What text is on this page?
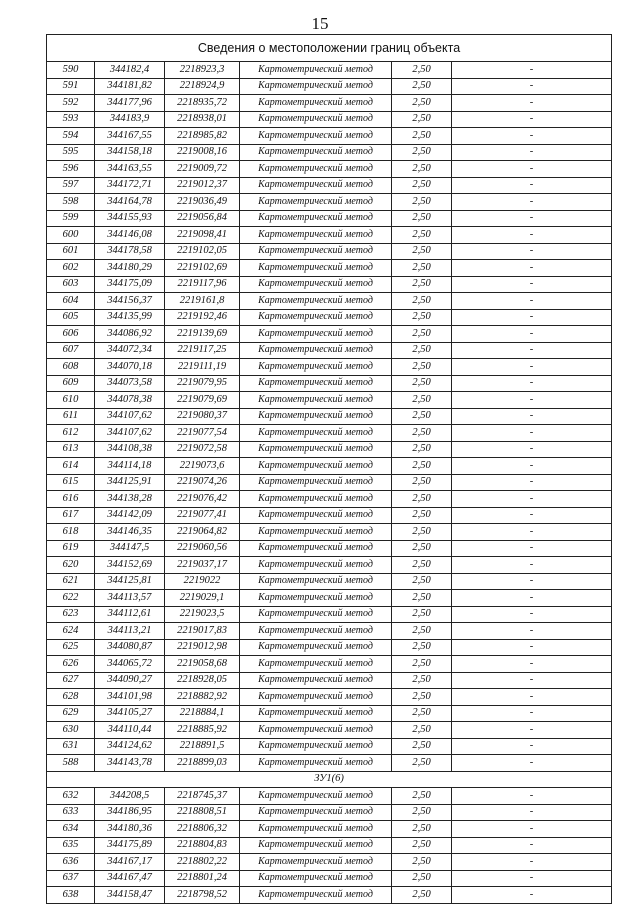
15
Сведения о местоположении границ объекта					
590	344182,4	2218923,3	Картометрический метод	2,50	-
591	344181,82	2218924,9	Картометрический метод	2,50	-
592	344177,96	2218935,72	Картометрический метод	2,50	-
593	344183,9	2218938,01	Картометрический метод	2,50	-
594	344167,55	2218985,82	Картометрический метод	2,50	-
595	344158,18	2219008,16	Картометрический метод	2,50	-
596	344163,55	2219009,72	Картометрический метод	2,50	-
597	344172,71	2219012,37	Картометрический метод	2,50	-
598	344164,78	2219036,49	Картометрический метод	2,50	-
599	344155,93	2219056,84	Картометрический метод	2,50	-
600	344146,08	2219098,41	Картометрический метод	2,50	-
601	344178,58	2219102,05	Картометрический метод	2,50	-
602	344180,29	2219102,69	Картометрический метод	2,50	-
603	344175,09	2219117,96	Картометрический метод	2,50	-
604	344156,37	2219161,8	Картометрический метод	2,50	-
605	344135,99	2219192,46	Картометрический метод	2,50	-
606	344086,92	2219139,69	Картометрический метод	2,50	-
607	344072,34	2219117,25	Картометрический метод	2,50	-
608	344070,18	2219111,19	Картометрический метод	2,50	-
609	344073,58	2219079,95	Картометрический метод	2,50	-
610	344078,38	2219079,69	Картометрический метод	2,50	-
611	344107,62	2219080,37	Картометрический метод	2,50	-
612	344107,62	2219077,54	Картометрический метод	2,50	-
613	344108,38	2219072,58	Картометрический метод	2,50	-
614	344114,18	2219073,6	Картометрический метод	2,50	-
615	344125,91	2219074,26	Картометрический метод	2,50	-
616	344138,28	2219076,42	Картометрический метод	2,50	-
617	344142,09	2219077,41	Картометрический метод	2,50	-
618	344146,35	2219064,82	Картометрический метод	2,50	-
619	344147,5	2219060,56	Картометрический метод	2,50	-
620	344152,69	2219037,17	Картометрический метод	2,50	-
621	344125,81	2219022	Картометрический метод	2,50	-
622	344113,57	2219029,1	Картометрический метод	2,50	-
623	344112,61	2219023,5	Картометрический метод	2,50	-
624	344113,21	2219017,83	Картометрический метод	2,50	-
625	344080,87	2219012,98	Картометрический метод	2,50	-
626	344065,72	2219058,68	Картометрический метод	2,50	-
627	344090,27	2218928,05	Картометрический метод	2,50	-
628	344101,98	2218882,92	Картометрический метод	2,50	-
629	344105,27	2218884,1	Картометрический метод	2,50	-
630	344110,44	2218885,92	Картометрический метод	2,50	-
631	344124,62	2218891,5	Картометрический метод	2,50	-
588	344143,78	2218899,03	Картометрический метод	2,50	-
ЗУ1(6)					
632	344208,5	2218745,37	Картометрический метод	2,50	-
633	344186,95	2218808,51	Картометрический метод	2,50	-
634	344180,36	2218806,32	Картометрический метод	2,50	-
635	344175,89	2218804,83	Картометрический метод	2,50	-
636	344167,17	2218802,22	Картометрический метод	2,50	-
637	344167,47	2218801,24	Картометрический метод	2,50	-
638	344158,47	2218798,52	Картометрический метод	2,50	-
